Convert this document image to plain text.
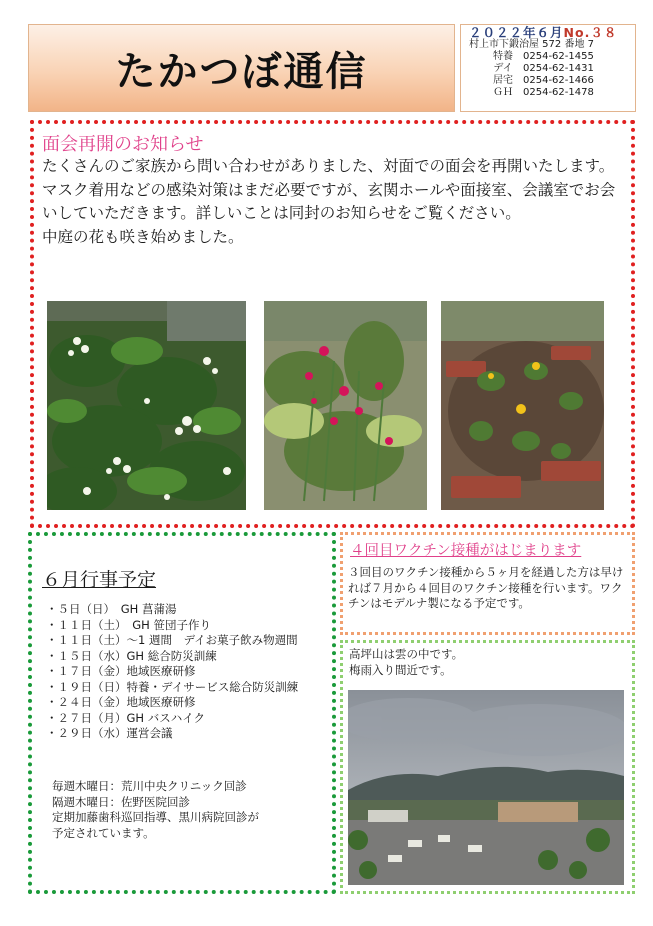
たかつぼ通信
２０２２年６月No.３８
村上市下鍛治屋 572 番地 7
特養	0254-62-1455
デイ	0254-62-1431
居宅	0254-62-1466
ＧＨ	0254-62-1478
面会再開のお知らせ

たくさんのご家族から問い合わせがありました、対面での面会を再開いたします。

マスク着用などの感染対策はまだ必要ですが、玄関ホールや面接室、会議室でお会いしていただきます。詳しいことは同封のお知らせをご覧ください。

中庭の花も咲き始めました。

６月行事予定
・ ５日（日）　GH 菖蒲湯
・ １１日（土）　GH 笹団子作り
・ １１日（土）～1 週間　デイお菓子飲み物週間
・ １５日（水）GH 総合防災訓練
・ １７日（金）地域医療研修
・ １９日（日）特養・デイサービス総合防災訓練
・ ２４日（金）地域医療研修
・ ２７日（月）GH バスハイク
・ ２９日（水）運営会議

毎週木曜日：荒川中央クリニック回診

隔週木曜日：佐野医院回診

定期加藤歯科巡回指導、黒川病院回診が

予定されています。

４回目ワクチン接種がはじまります
３回目のワクチン接種から５ヶ月を経過した方は早ければ７月から４回目のワクチン接種を行います。ワクチンはモデルナ製になる予定です。

高坪山は雲の中です。

梅雨入り間近です。
